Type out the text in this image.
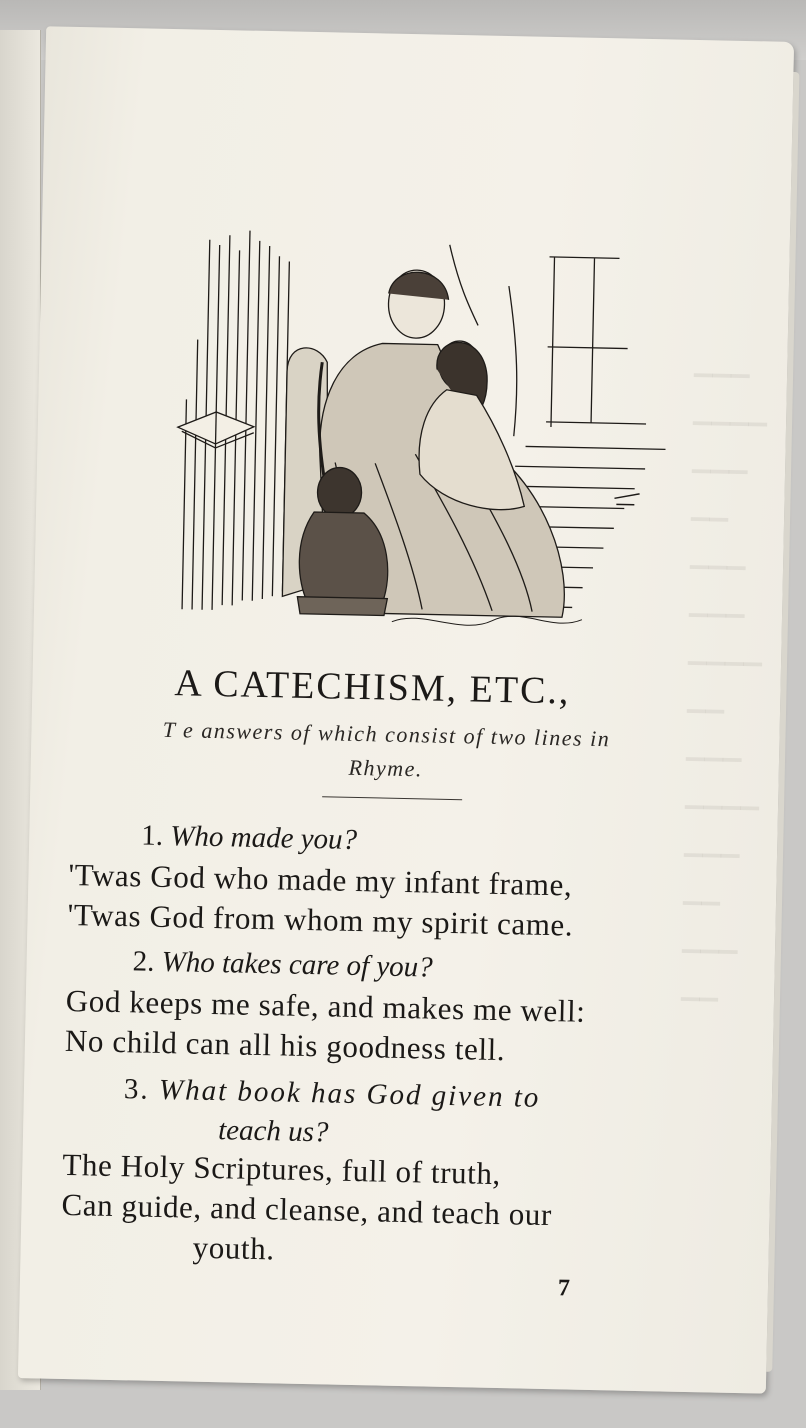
▁▁▁
▁▁▁▁
▁▁▁
▁▁
▁▁▁
▁▁▁
▁▁▁▁
▁▁
▁▁▁
▁▁▁▁
▁▁▁
▁▁
▁▁▁
▁▁
A CATECHISM, ETC.,
T e answers of which consist of two lines in
Rhyme.
1. Who made you?
'Twas God who made my infant frame,
'Twas God from whom my spirit came.
2. Who takes care of you?
God keeps me safe, and makes me well:
No child can all his goodness tell.
3. What book has God given to
teach us?
The Holy Scriptures, full of truth,
Can guide, and cleanse, and teach our
youth.
7
